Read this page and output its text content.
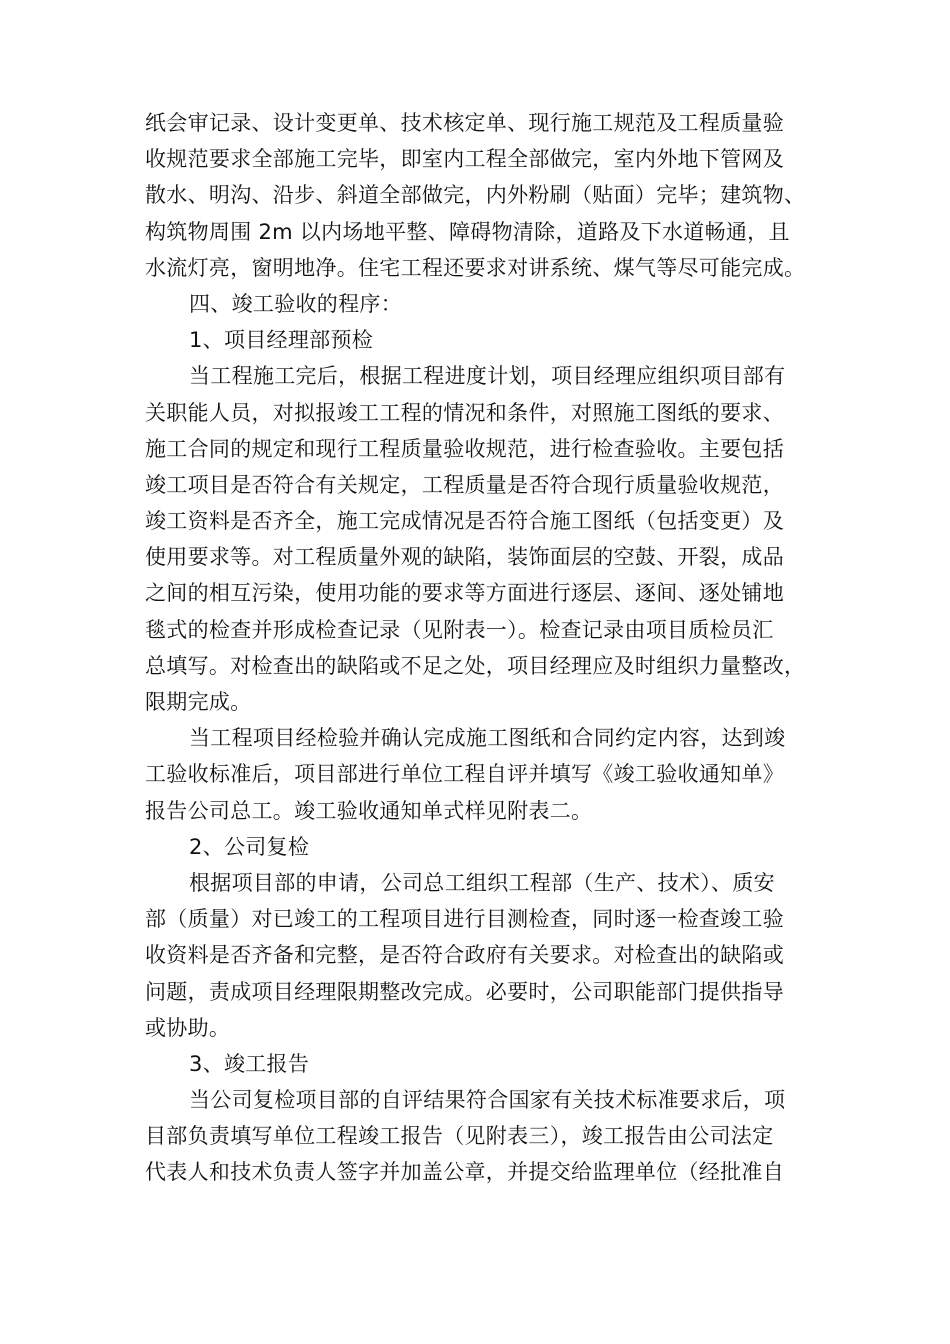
纸会审记录、设计变更单、技术核定单、现行施工规范及工程质量验
收规范要求全部施工完毕，即室内工程全部做完，室内外地下管网及
散水、明沟、沿步、斜道全部做完，内外粉刷（贴面）完毕；建筑物、
构筑物周围 2m 以内场地平整、障碍物清除，道路及下水道畅通，且
水流灯亮，窗明地净。住宅工程还要求对讲系统、煤气等尽可能完成。
四、竣工验收的程序：
1、项目经理部预检
当工程施工完后，根据工程进度计划，项目经理应组织项目部有
关职能人员，对拟报竣工工程的情况和条件，对照施工图纸的要求、
施工合同的规定和现行工程质量验收规范，进行检查验收。主要包括
竣工项目是否符合有关规定，工程质量是否符合现行质量验收规范，
竣工资料是否齐全，施工完成情况是否符合施工图纸（包括变更）及
使用要求等。对工程质量外观的缺陷，装饰面层的空鼓、开裂，成品
之间的相互污染，使用功能的要求等方面进行逐层、逐间、逐处铺地
毯式的检查并形成检查记录（见附表一）。检查记录由项目质检员汇
总填写。对检查出的缺陷或不足之处，项目经理应及时组织力量整改，
限期完成。
当工程项目经检验并确认完成施工图纸和合同约定内容，达到竣
工验收标准后，项目部进行单位工程自评并填写《竣工验收通知单》
报告公司总工。竣工验收通知单式样见附表二。
2、公司复检
根据项目部的申请，公司总工组织工程部（生产、技术）、质安
部（质量）对已竣工的工程项目进行目测检查，同时逐一检查竣工验
收资料是否齐备和完整，是否符合政府有关要求。对检查出的缺陷或
问题，责成项目经理限期整改完成。必要时，公司职能部门提供指导
或协助。
3、竣工报告
当公司复检项目部的自评结果符合国家有关技术标准要求后，项
目部负责填写单位工程竣工报告（见附表三），竣工报告由公司法定
代表人和技术负责人签字并加盖公章，并提交给监理单位（经批准自
